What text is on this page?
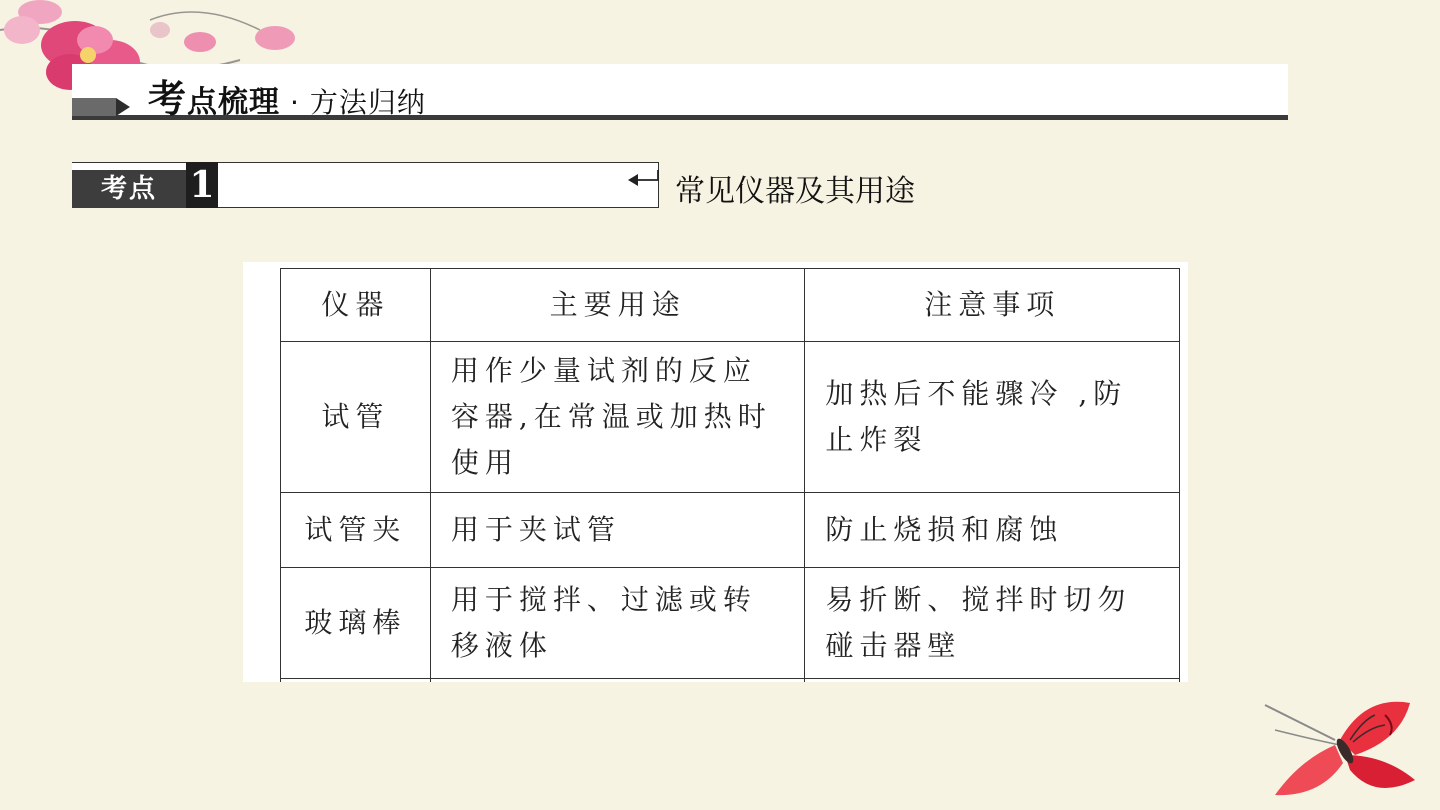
考点梳理 · 方法归纳
考点 1	常见仪器及其用途
仪器	主要用途	注意事项
试管	用作少量试剂的反应容器,在常温或加热时使用	加热后不能骤冷 ,防止炸裂
试管夹	用于夹试管	防止烧损和腐蚀
玻璃棒	用于搅拌、过滤或转移液体	易折断、搅拌时切勿碰击器壁
